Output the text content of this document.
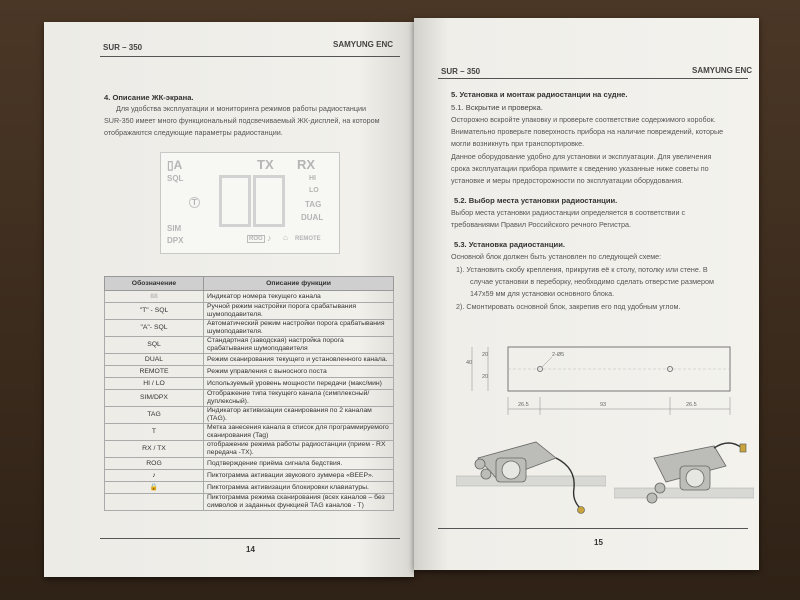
SUR – 350	SAMYUNG ENC
4. Описание ЖК-экрана.
Для удобства эксплуатации и мониторинга режимов работы радиостанции
SUR-350 имеет много функциональный подсвечиваемый ЖК-дисплей, на котором
отображаются следующие параметры радиостанции.
▯A
SQL
TX RX
HI
LO
TAG
DUAL
SIM
DPX	ROG ♪ ⌂ REMOTE
T
Обозначение	Описание функции
88	Индикатор номера текущего канала
"T" - SQL	Ручной режим настройки порога срабатывания шумоподавителя.
"A"- SQL	Автоматический режим настройки порога срабатывания шумоподавителя.
SQL	Стандартная (заводская) настройка порога срабатывания шумоподавителя
DUAL	Режим сканирования текущего и установленного канала.
REMOTE	Режим управления с выносного поста
HI / LO	Используемый уровень мощности передачи (макс/мин)
SIM/DPX	Отображение типа текущего канала (симплексный/дуплексный).
TAG	Индикатор активизации сканирования по 2 каналам (TAG).
T	Метка занесения канала в список для программируемого сканирования (Tag)
RX / TX	отображение режима работы радиостанции (прием - RX передача -TX).
ROG	Подтверждение приёма сигнала бедствия.
♪	Пиктограмма активации звукового зуммера «BEEP».
🔒	Пиктограмма активизации блокировки клавиатуры.
	Пиктограмма режима сканирования (всех каналов – без символов и заданных функцией TAG каналов - T)
14
SUR – 350	SAMYUNG ENC
5. Установка и монтаж радиостанции на судне.
5.1. Вскрытие и проверка.
Осторожно вскройте упаковку и проверьте соответствие содержимого коробок.
Внимательно проверьте поверхность прибора на наличие повреждений, которые
могли возникнуть при транспортировке.
Данное оборудование удобно для установки и эксплуатации. Для увеличения
срока эксплуатации прибора примите к сведению указанные ниже советы по
установке и меры предосторожности по эксплуатации оборудования.
5.2. Выбор места установки радиостанции.
Выбор места установки радиостанции определяется в соответствии с
требованиями Правил Российского речного Регистра.
5.3. Установка радиостанции.
Основной блок должен быть установлен по следующей схеме:
1). Установить скобу крепления, прикрутив её к столу, потолку или стене. В
случае установки в переборку, необходимо сделать отверстие размером
147x59 мм для установки основного блока.
2). Смонтировать основной блок, закрепив его под удобным углом.
40
20
20
2-Ø5
26.5	93	26.5
15
